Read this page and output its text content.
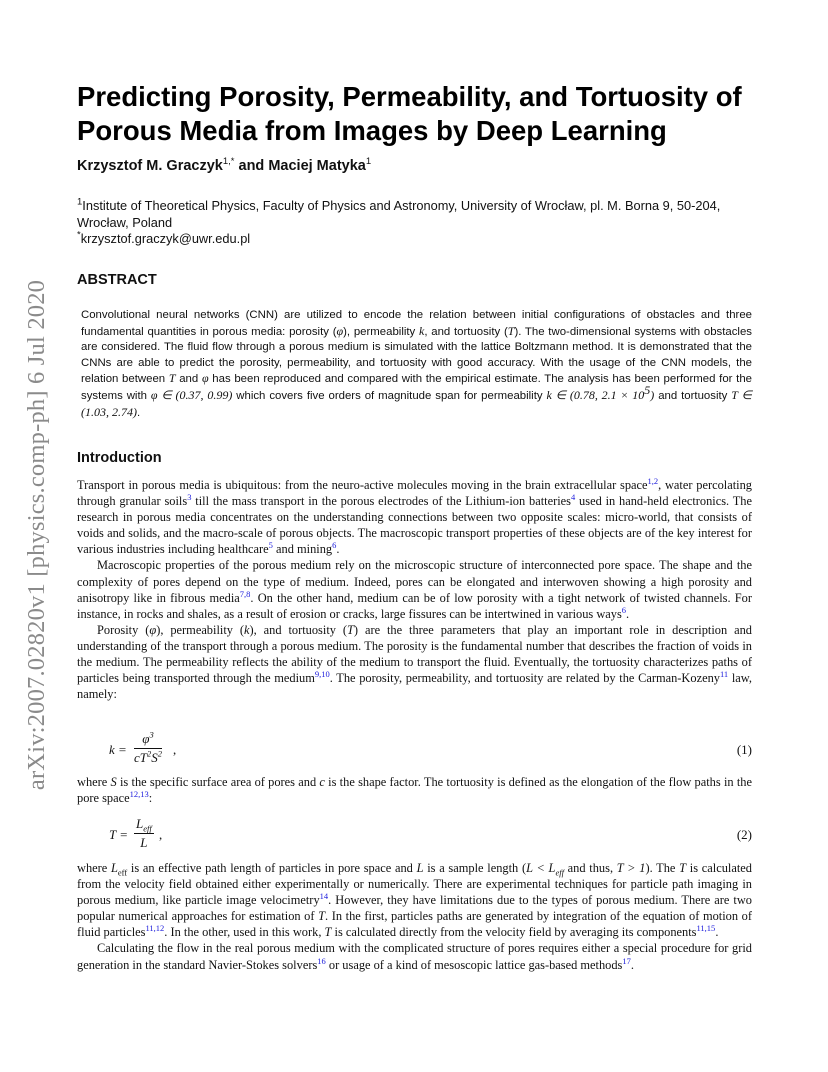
arXiv:2007.02820v1 [physics.comp-ph] 6 Jul 2020
Predicting Porosity, Permeability, and Tortuosity of
Porous Media from Images by Deep Learning

Krzysztof M. Graczyk$^{1,*}$ and Maciej Matyka$^1$

$^1$Institute of Theoretical Physics, Faculty of Physics and Astronomy, University of Wrocław, pl. M. Borna 9, 50-204, Wrocław, Poland

*krzysztof.graczyk@uwr.edu.pl

ABSTRACT

Convolutional neural networks (CNN) are utilized to encode the relation between initial configurations of obstacles and three fundamental quantities in porous media: porosity (φ), permeability k, and tortuosity (T). The two-dimensional systems with obstacles are considered. The fluid flow through a porous medium is simulated with the lattice Boltzmann method. It is demonstrated that the CNNs are able to predict the porosity, permeability, and tortuosity with good accuracy. With the usage of the CNN models, the relation between T and φ has been reproduced and compared with the empirical estimate. The analysis has been performed for the systems with φ ∈ (0.37, 0.99) which covers five orders of magnitude span for permeability k ∈ (0.78, 2.1 × 105) and tortuosity T ∈ (1.03, 2.74).

Introduction

Transport in porous media is ubiquitous: from the neuro-active molecules moving in the brain extracellular space$^{1,2}$, water percolating through granular soils$^3$ till the mass transport in the porous electrodes of the Lithium-ion batteries$^4$ used in hand-held electronics. The research in porous media concentrates on the understanding connections between two opposite scales: micro-world, that consists of voids and solids, and the macro-scale of porous objects. The macroscopic transport properties of these objects are of the key interest for various industries including healthcare$^5$ and mining$^6$.

Macroscopic properties of the porous medium rely on the microscopic structure of interconnected pore space. The shape and the complexity of pores depend on the type of medium. Indeed, pores can be elongated and interwoven showing a high porosity and anisotropy like in fibrous media$^{7,8}$. On the other hand, medium can be of low porosity with a tight network of twisted channels. For instance, in rocks and shales, as a result of erosion or cracks, large fissures can be intertwined in various ways$^6$.

Porosity (φ), permeability (k), and tortuosity (T) are the three parameters that play an important role in description and understanding of the transport through a porous medium. The porosity is the fundamental number that describes the fraction of voids in the medium. The permeability reflects the ability of the medium to transport the fluid. Eventually, the tortuosity characterizes paths of particles being transported through the medium$^{9,10}$. The porosity, permeability, and tortuosity are related by the Carman-Kozeny$^{11}$ law, namely:

$k = \frac{\varphi^3}{cT^2S^2}$ ,	(1)

where S is the specific surface area of pores and c is the shape factor. The tortuosity is defined as the elongation of the flow paths in the pore space$^{12,13}$:

T =
$L_{eff}$
L
,	(2)

where $L_{eff}$ is an effective path length of particles in pore space and L is a sample length ($L < L_{eff}$ and thus, T > 1). The T is calculated from the velocity field obtained either experimentally or numerically. There are experimental techniques for particle path imaging in porous medium, like particle image velocimetry$^{14}$. However, they have limitations due to the types of porous medium. There are two popular numerical approaches for estimation of T. In the first, particles paths are generated by integration of the equation of motion of fluid particles$^{11,12}$. In the other, used in this work, T is calculated directly from the velocity field by averaging its components$^{11,15}$.

Calculating the flow in the real porous medium with the complicated structure of pores requires either a special procedure for grid generation in the standard Navier-Stokes solvers$^{16}$ or usage of a kind of mesoscopic lattice gas-based methods$^{17}$.
